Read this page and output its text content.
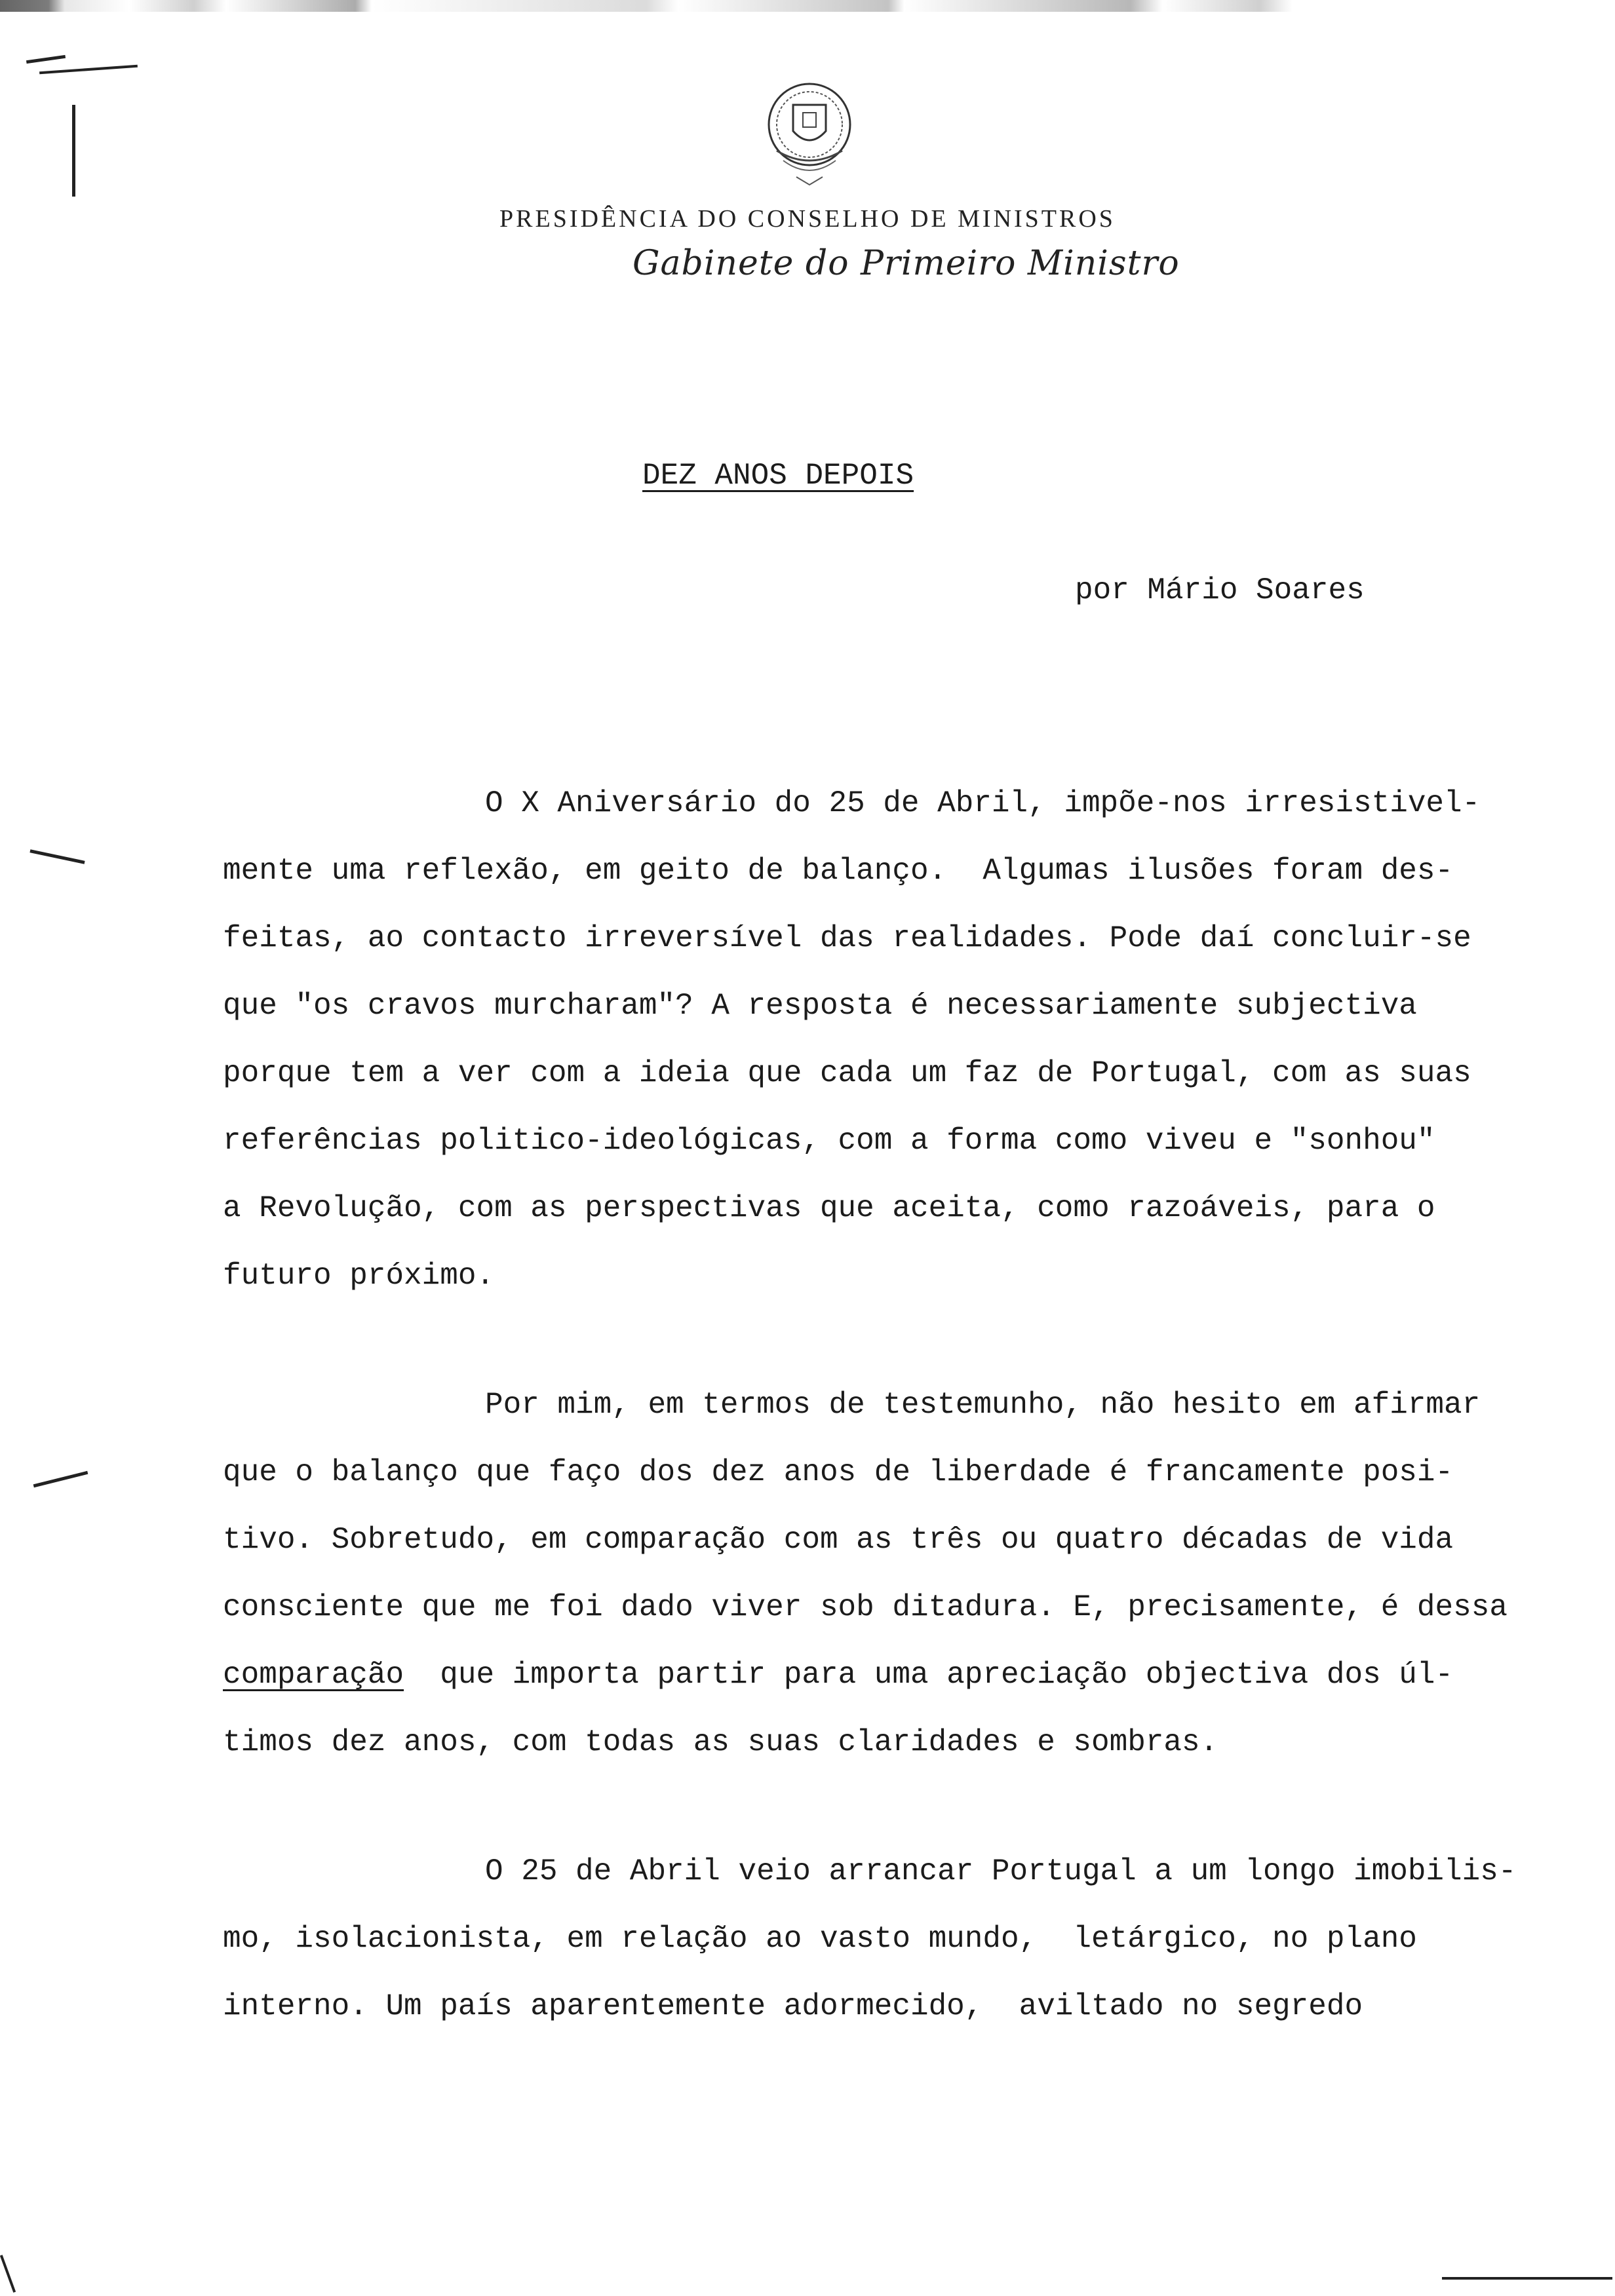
PRESIDÊNCIA DO CONSELHO DE MINISTROS
Gabinete do Primeiro Ministro
DEZ ANOS DEPOIS
por Mário Soares
O X Aniversário do 25 de Abril, impõe-nos irresistivel-
mente uma reflexão, em geito de balanço.  Algumas ilusões foram des-
feitas, ao contacto irreversível das realidades. Pode daí concluir-se
que "os cravos murcharam"? A resposta é necessariamente subjectiva
porque tem a ver com a ideia que cada um faz de Portugal, com as suas
referências politico-ideológicas, com a forma como viveu e "sonhou"
a Revolução, com as perspectivas que aceita, como razoáveis, para o
futuro próximo.
Por mim, em termos de testemunho, não hesito em afirmar
que o balanço que faço dos dez anos de liberdade é francamente posi-
tivo. Sobretudo, em comparação com as três ou quatro décadas de vida
consciente que me foi dado viver sob ditadura. E, precisamente, é dessa
comparação que importa partir para uma apreciação objectiva dos úl-
timos dez anos, com todas as suas claridades e sombras.
O 25 de Abril veio arrancar Portugal a um longo imobilis-
mo, isolacionista, em relação ao vasto mundo,  letárgico, no plano
interno. Um país aparentemente adormecido,  aviltado no segredo
